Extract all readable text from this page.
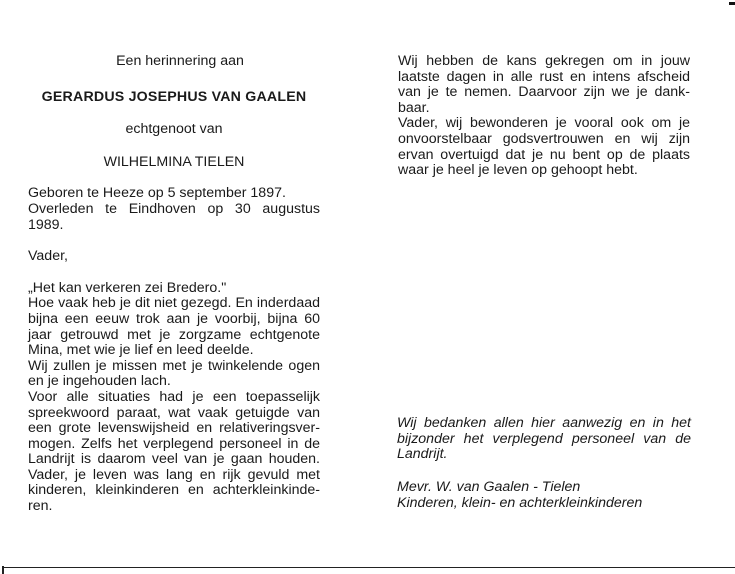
Een herinnering aan
GERARDUS JOSEPHUS VAN GAALEN
echtgenoot van
WILHELMINA TIELEN
Geboren te Heeze op 5 september 1897.
Overleden te Eindhoven op 30 augustus
1989.
Vader,
„Het kan verkeren zei Bredero."
Hoe vaak heb je dit niet gezegd. En inderdaad
bijna een eeuw trok aan je voorbij, bijna 60
jaar getrouwd met je zorgzame echtgenote
Mina, met wie je lief en leed deelde.
Wij zullen je missen met je twinkelende ogen
en je ingehouden lach.
Voor alle situaties had je een toepasselijk
spreekwoord paraat, wat vaak getuigde van
een grote levenswijsheid en relativeringsver-
mogen. Zelfs het verplegend personeel in de
Landrijt is daarom veel van je gaan houden.
Vader, je leven was lang en rijk gevuld met
kinderen, kleinkinderen en achterkleinkinde-
ren.
Wij hebben de kans gekregen om in jouw
laatste dagen in alle rust en intens afscheid
van je te nemen. Daarvoor zijn we je dank-
baar.
Vader, wij bewonderen je vooral ook om je
onvoorstelbaar godsvertrouwen en wij zijn
ervan overtuigd dat je nu bent op de plaats
waar je heel je leven op gehoopt hebt.
Wij bedanken allen hier aanwezig en in het
bijzonder het verplegend personeel van de
Landrijt.
Mevr. W. van Gaalen - Tielen
Kinderen, klein- en achterkleinkinderen
